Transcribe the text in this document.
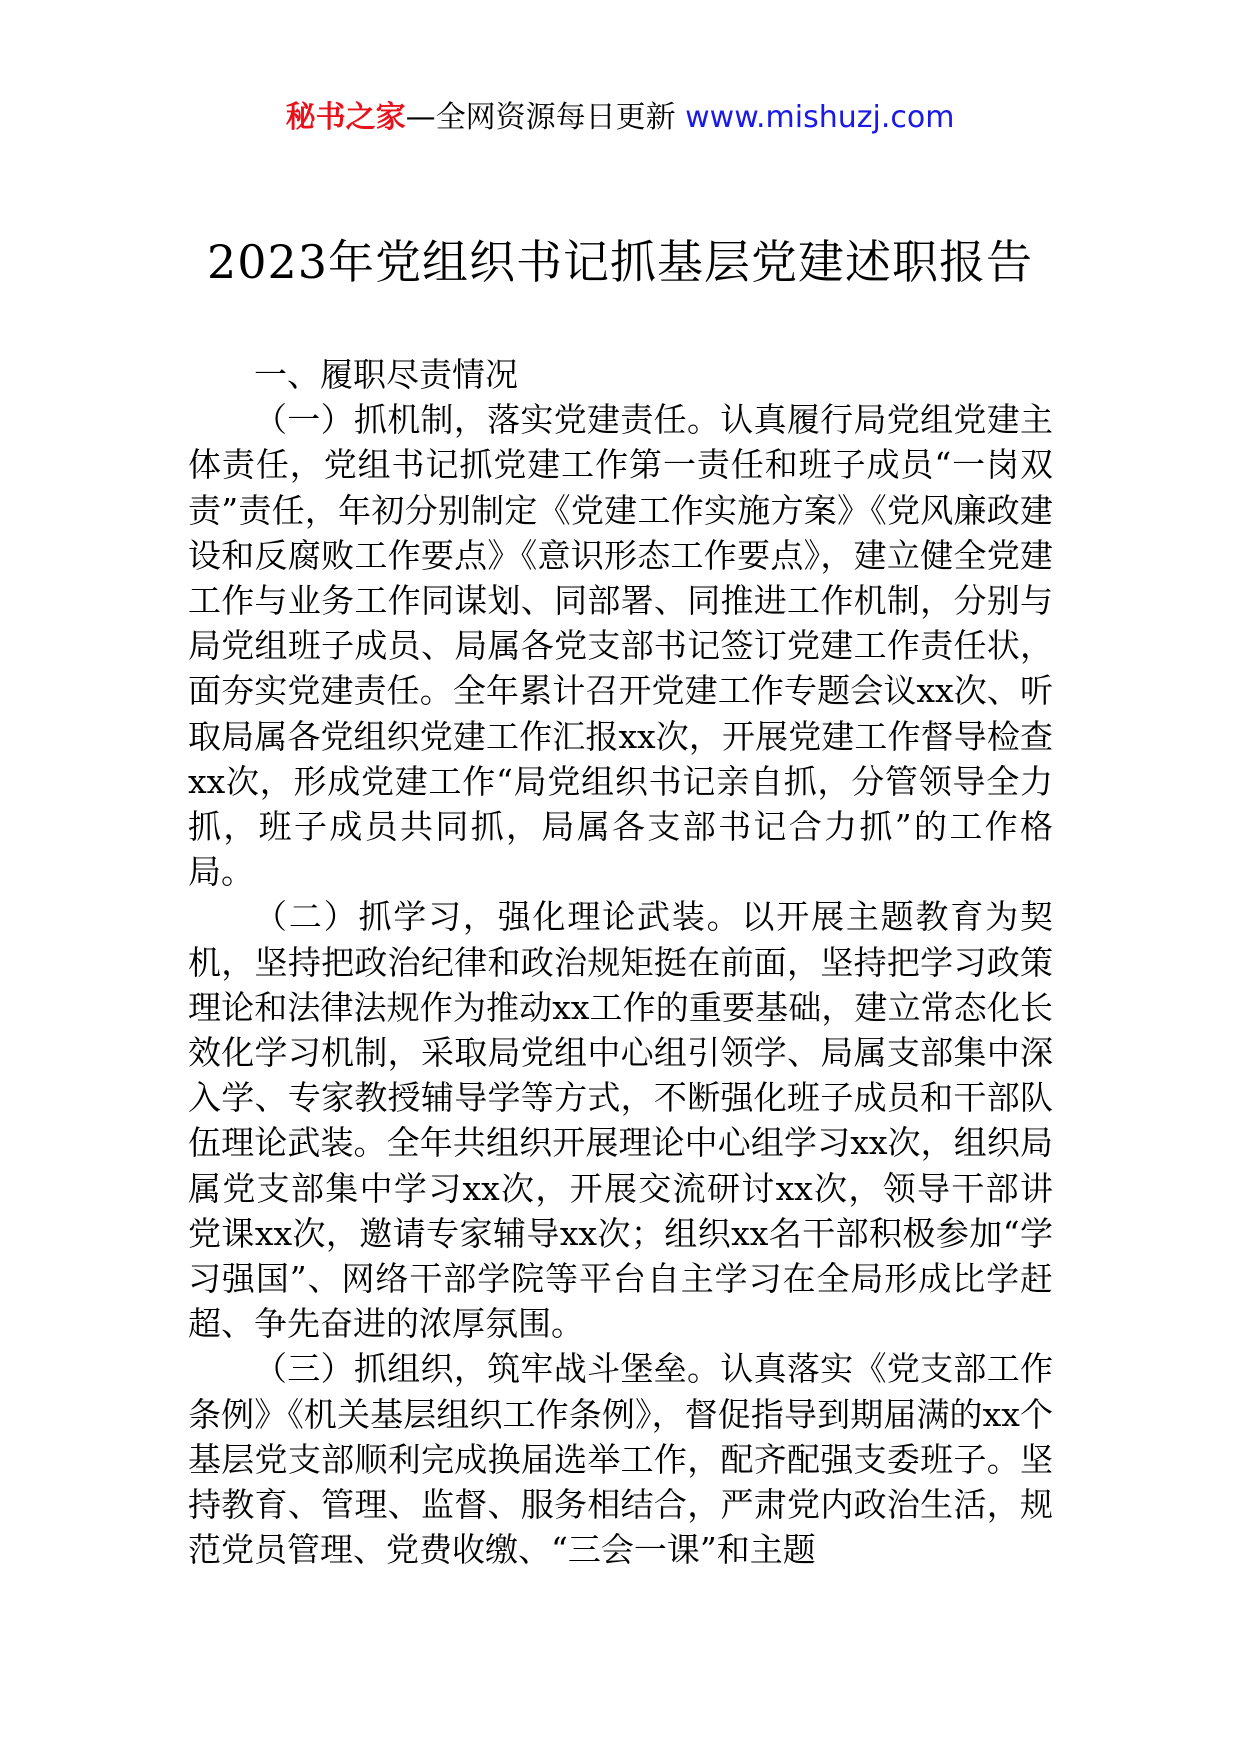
秘书之家—全网资源每日更新 www.mishuzj.com
2023年党组织书记抓基层党建述职报告

一、履职尽责情况

（一）抓机制，落实党建责任。认真履行局党组党建主体责任，党组书记抓党建工作第一责任和班子成员“一岗双责”责任，年初分别制定《党建工作实施方案》《党风廉政建设和反腐败工作要点》《意识形态工作要点》，建立健全党建工作与业务工作同谋划、同部署、同推进工作机制，分别与局党组班子成员、局属各党支部书记签订党建工作责任状，面夯实党建责任。全年累计召开党建工作专题会议xx次、听取局属各党组织党建工作汇报xx次，开展党建工作督导检查xx次，形成党建工作“局党组织书记亲自抓，分管领导全力抓，班子成员共同抓，局属各支部书记合力抓”的工作格局。

（二）抓学习，强化理论武装。以开展主题教育为契机，坚持把政治纪律和政治规矩挺在前面，坚持把学习政策理论和法律法规作为推动xx工作的重要基础，建立常态化长效化学习机制，采取局党组中心组引领学、局属支部集中深入学、专家教授辅导学等方式，不断强化班子成员和干部队伍理论武装。全年共组织开展理论中心组学习xx次，组织局属党支部集中学习xx次，开展交流研讨xx次，领导干部讲党课xx次，邀请专家辅导xx次；组织xx名干部积极参加“学习强国”、网络干部学院等平台自主学习在全局形成比学赶超、争先奋进的浓厚氛围。

（三）抓组织，筑牢战斗堡垒。认真落实《党支部工作条例》《机关基层组织工作条例》，督促指导到期届满的xx个基层党支部顺利完成换届选举工作，配齐配强支委班子。坚持教育、管理、监督、服务相结合，严肃党内政治生活，规范党员管理、党费收缴、“三会一课”和主题
